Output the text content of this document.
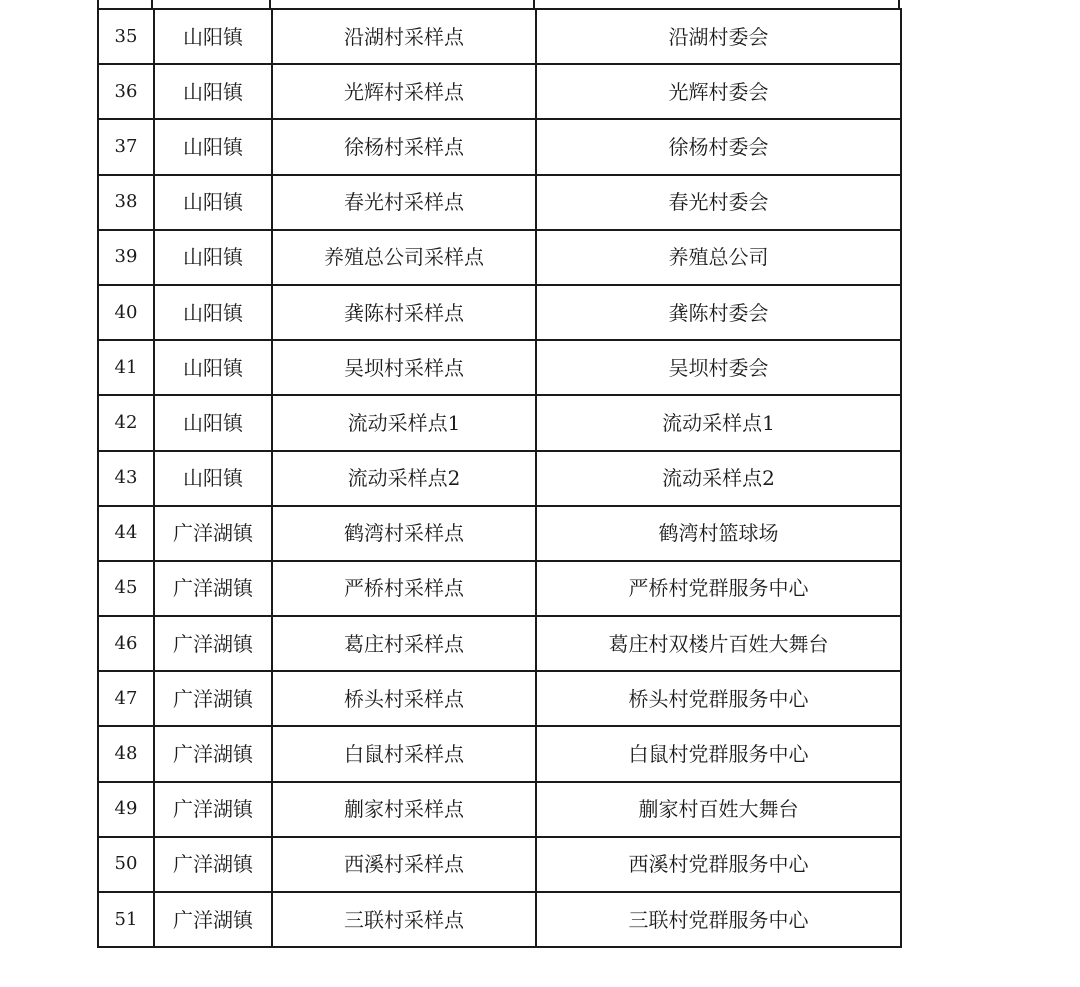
35	山阳镇	沿湖村采样点	沿湖村委会
36	山阳镇	光辉村采样点	光辉村委会
37	山阳镇	徐杨村采样点	徐杨村委会
38	山阳镇	春光村采样点	春光村委会
39	山阳镇	养殖总公司采样点	养殖总公司
40	山阳镇	龚陈村采样点	龚陈村委会
41	山阳镇	吴坝村采样点	吴坝村委会
42	山阳镇	流动采样点1	流动采样点1
43	山阳镇	流动采样点2	流动采样点2
44	广洋湖镇	鹤湾村采样点	鹤湾村篮球场
45	广洋湖镇	严桥村采样点	严桥村党群服务中心
46	广洋湖镇	葛庄村采样点	葛庄村双楼片百姓大舞台
47	广洋湖镇	桥头村采样点	桥头村党群服务中心
48	广洋湖镇	白鼠村采样点	白鼠村党群服务中心
49	广洋湖镇	蒯家村采样点	蒯家村百姓大舞台
50	广洋湖镇	西溪村采样点	西溪村党群服务中心
51	广洋湖镇	三联村采样点	三联村党群服务中心
